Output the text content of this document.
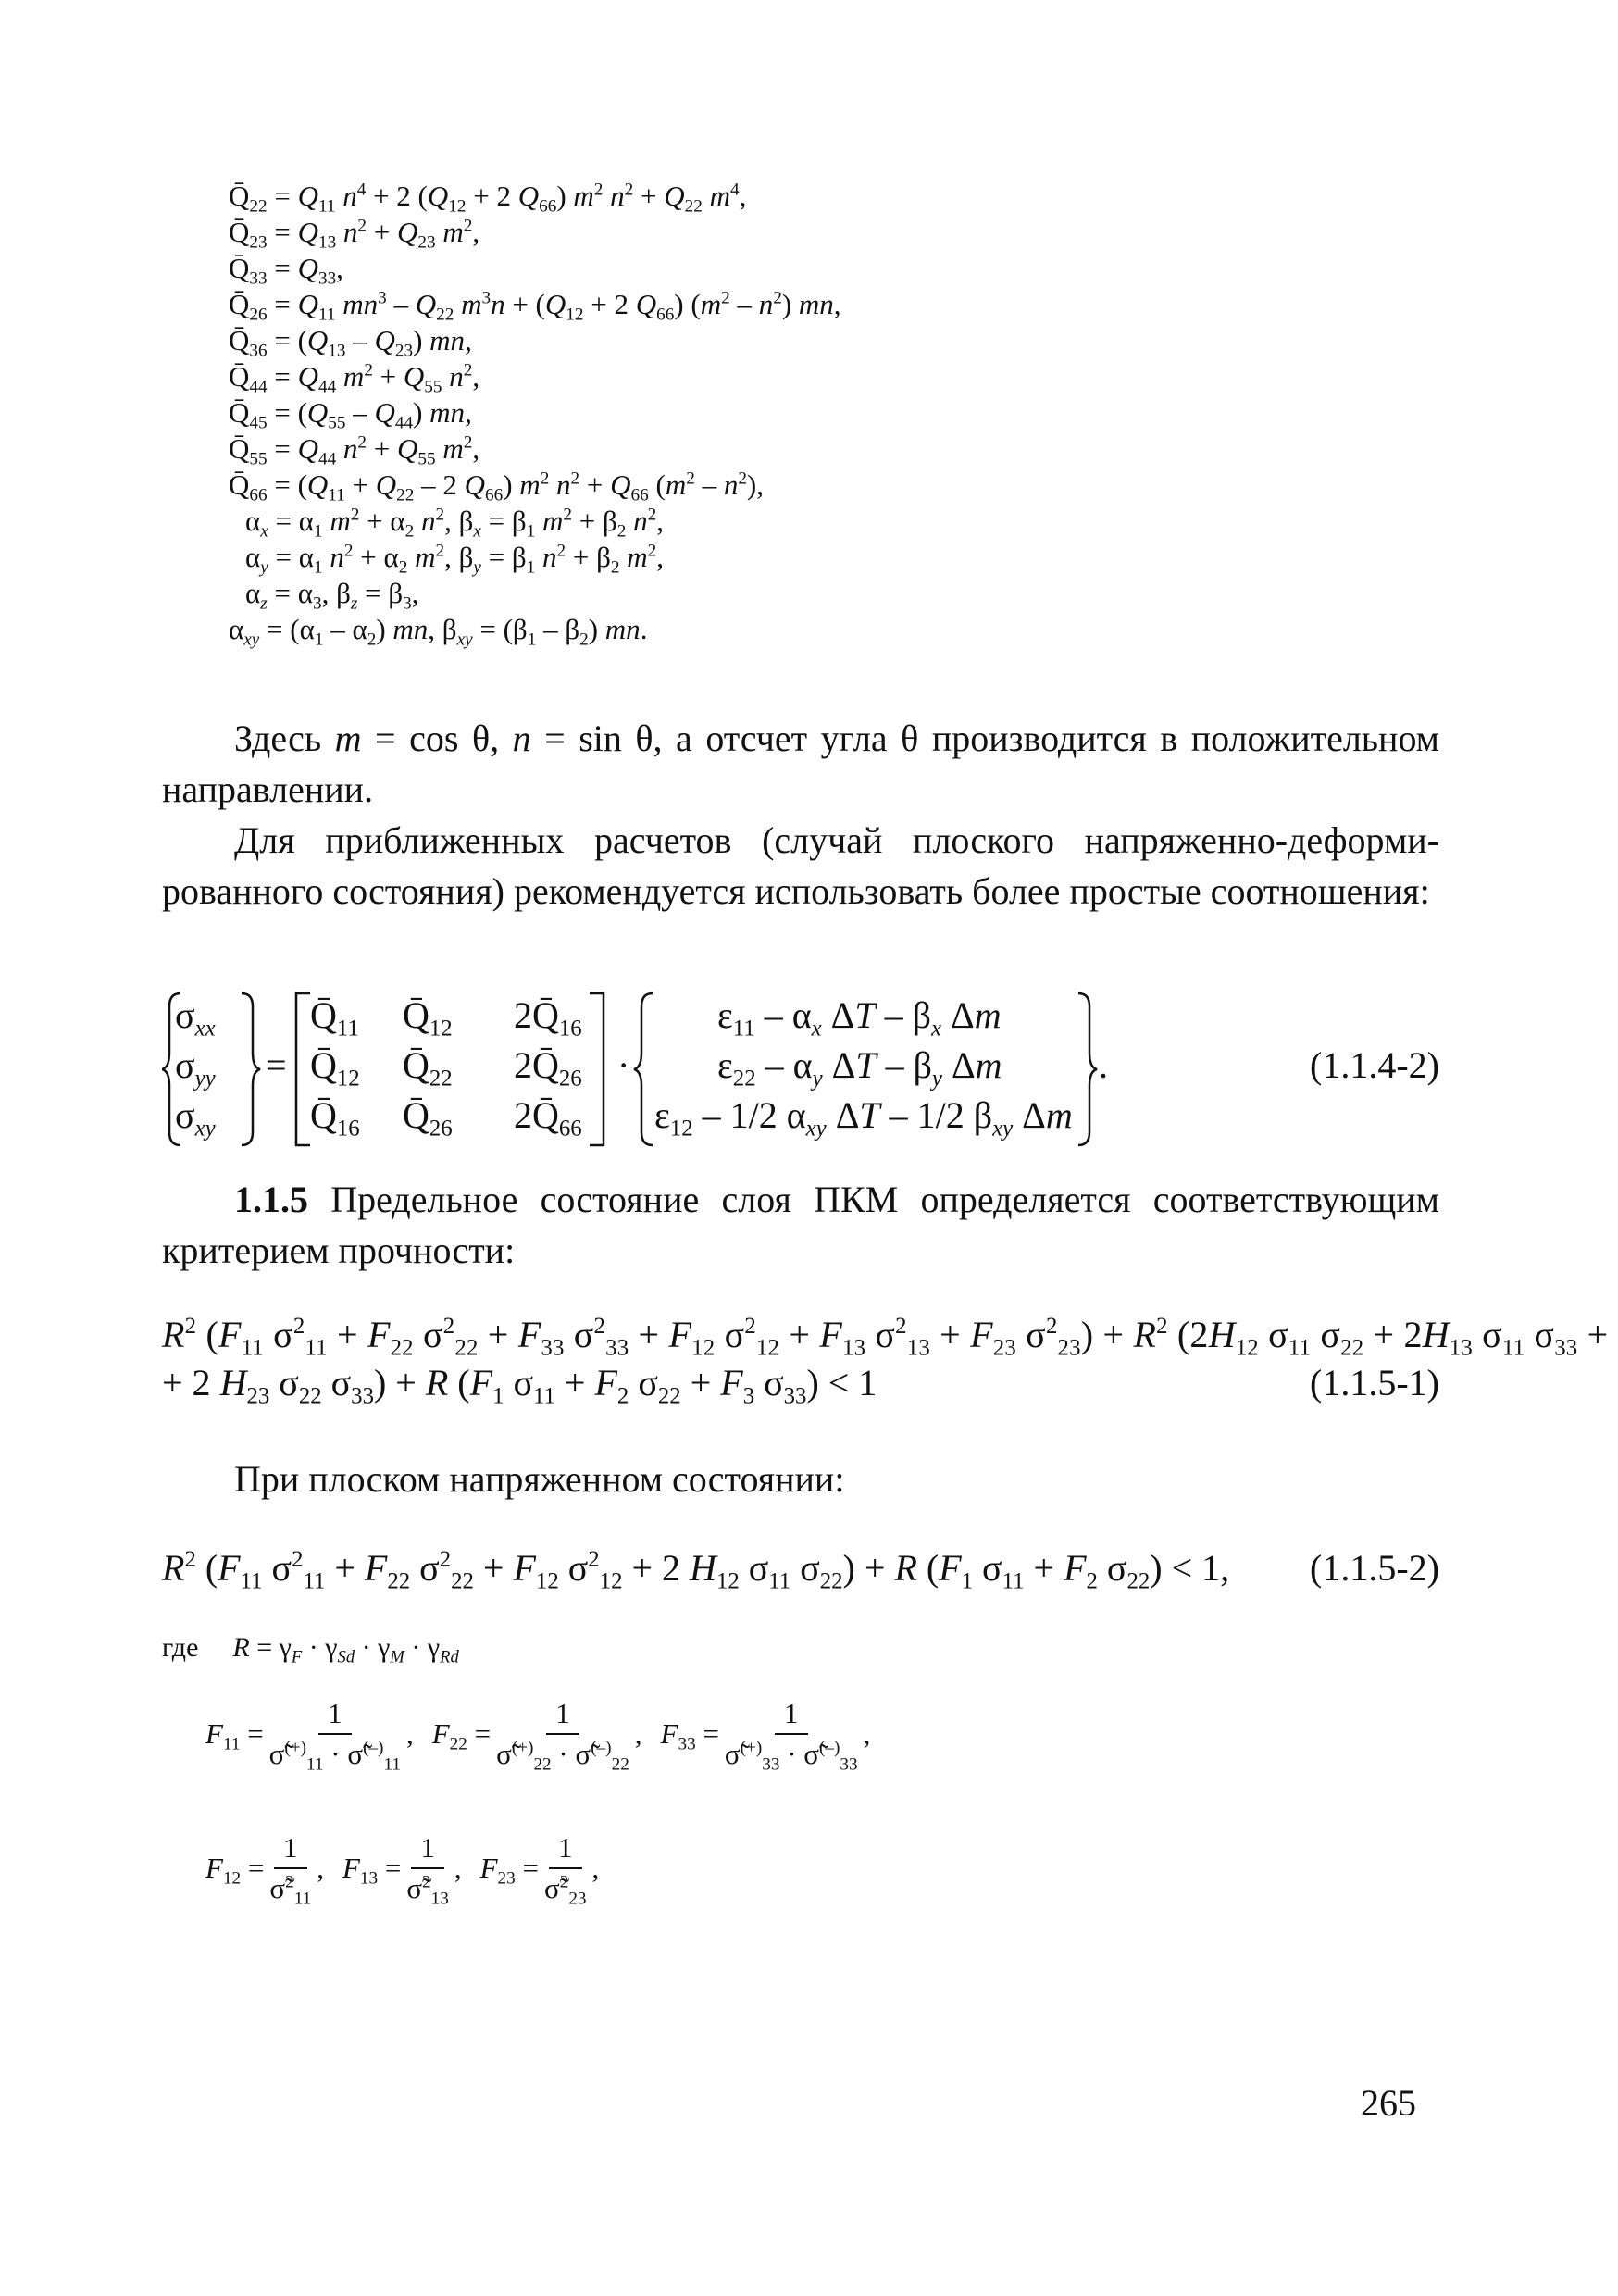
$Q̄_{22} = Q_{11}$ $n^4 + 2$ ($Q_{12} + 2$ $Q_{66}$) $m^2$ $n^2 + Q_{22}$ $m^4$,
$Q̄_{23} = Q_{13}$ $n^2 + Q_{23}$ $m^2$,
$Q̄_{33} = Q_{33}$,
$Q̄_{26} = Q_{11}$ $mn^3 - Q_{22}$ $m^3n + (Q_{12} + 2$ $Q_{66}$) $(m^2 - n^2)$ mn,
$Q̄_{36} = (Q_{13} - Q_{23})$ mn,
$Q̄_{44} = Q_{44}$ $m^2 + Q_{55}$ $n^2$,
$Q̄_{45} = (Q_{55} - Q_{44})$ mn,
$Q̄_{55} = Q_{44}$ $n^2 + Q_{55}$ $m^2$,
$Q̄_{66} = (Q_{11} + Q_{22} - 2$ $Q_{66}$) $m^2$ $n^2 + Q_{66}$ $(m^2 - n^2)$,
$\alpha_x = \alpha_1$ $m^2 + \alpha_2$ $n^2$, $\beta_x = \beta_1$ $m^2 + \beta_2$ $n^2$,
$\alpha_y = \alpha_1$ $n^2 + \alpha_2$ $m^2$, $\beta_y = \beta_1$ $n^2 + \beta_2$ $m^2$,
$\alpha_z = \alpha_3$, $\beta_z = \beta_3$,
$\alpha_{xy} = (\alpha_1 - \alpha_2)$ mn, $\beta_{xy} = (\beta_1 - \beta_2)$ mn.
Здесь m = cos θ, n = sin θ, а отсчет угла θ производится в положительном направлении.
Для приближенных расчетов (случай плоского напряженно-деформированного состояния) рекомендуется использовать более простые соотношения:
$\sigma_{xx}$
$\sigma_{yy}$
$\sigma_{xy}$
=
$Q̄_{11}$ $Q̄_{12}$ $2Q̄_{16}$
$Q̄_{12}$ $Q̄_{22}$ $2Q̄_{26}$
$Q̄_{16}$ $Q̄_{26}$ $2Q̄_{66}$
·
$\varepsilon_{11} - \alpha_x$ ΔT – $\beta_x$ Δm
$\varepsilon_{22} - \alpha_y$ ΔT – $\beta_y$ Δm
$\varepsilon_{12} - 1/2$ $\alpha_{xy}$ ΔT – 1/2 $\beta_{xy}$ Δm
.	(1.1.4-2)
1.1.5 Предельное состояние слоя ПКМ определяется соответствующим критерием прочности:
$R^2$ ($F_{11}$ $\sigma^2_{11} + F_{22}$ $\sigma^2_{22} + F_{33}$ $\sigma^2_{33} + F_{12}$ $\sigma^2_{12} + F_{13}$ $\sigma^2_{13} + F_{23}$ $\sigma^2_{23}) + R^2$ ($2H_{12}$ $\sigma_{11}$ $\sigma_{22} + 2H_{13}$ $\sigma_{11}$ $\sigma_{33}$ +
+ 2 $H_{23}$ $\sigma_{22}$ $\sigma_{33}) + R$ ($F_1$ $\sigma_{11} + F_2$ $\sigma_{22} + F_3$ $\sigma_{33}) < 1$	(1.1.5-1)
При плоском напряженном состоянии:
$R^2$ ($F_{11}$ $\sigma^2_{11} + F_{22}$ $\sigma^2_{22} + F_{12}$ $\sigma^2_{12} + 2$ $H_{12}$ $\sigma_{11}$ $\sigma_{22}) + R$ ($F_1$ $\sigma_{11} + F_2$ $\sigma_{22}) < 1$, (1.1.5-2)
где $R = \gamma_F \cdot \gamma_{Sd} \cdot \gamma_M \cdot \gamma_{Rd}$
$F_{11} = \frac{1}{\sigmã^{(+)}_{11} \cdot \sigmã^{(-)}_{11}}$ , $F_{22} = \frac{1}{\sigmã^{(+)}_{22} \cdot \sigmã^{(-)}_{22}}$ , $F_{33} = \frac{1}{\sigmã^{(+)}_{33} \cdot \sigmã^{(-)}_{33}}$ ,
$F_{12} = \frac{1}{\sigmã^2_{11}}$ , $F_{13} = \frac{1}{\sigmã^2_{13}}$ , $F_{23} = \frac{1}{\sigmã^2_{23}}$ ,
265
